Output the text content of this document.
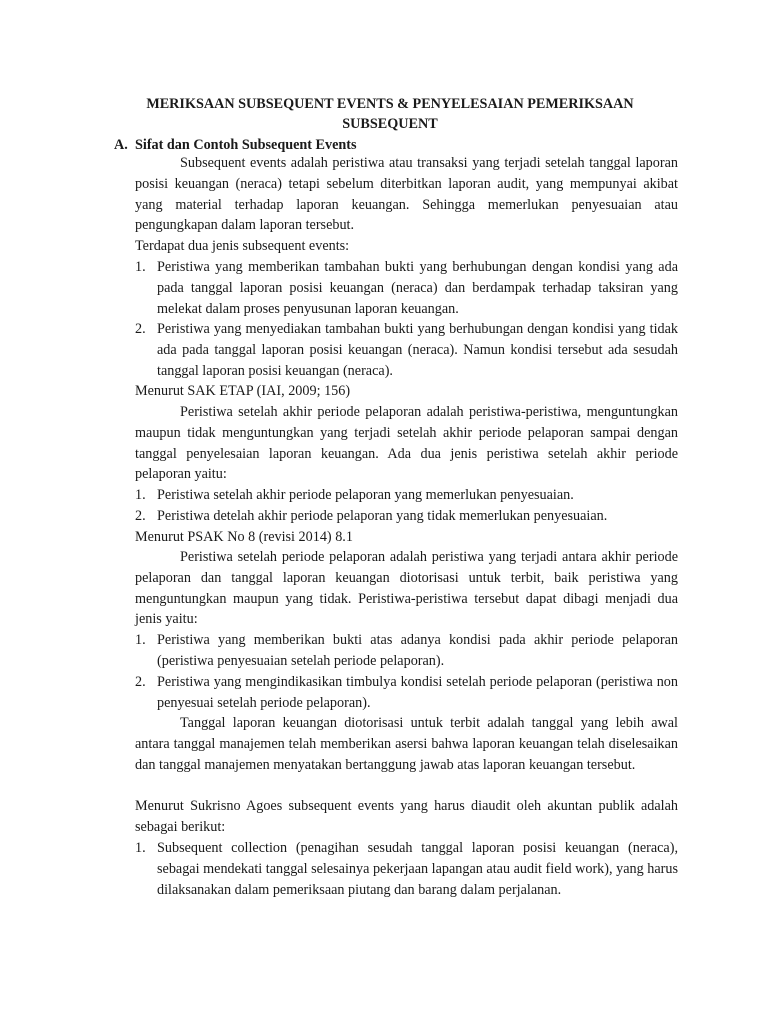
MERIKSAAN SUBSEQUENT EVENTS & PENYELESAIAN PEMERIKSAAN SUBSEQUENT
A. Sifat dan Contoh Subsequent Events
Subsequent events adalah peristiwa atau transaksi yang terjadi setelah tanggal laporan posisi keuangan (neraca) tetapi sebelum diterbitkan laporan audit, yang mempunyai akibat yang material terhadap laporan keuangan. Sehingga memerlukan penyesuaian atau pengungkapan dalam laporan tersebut.
Terdapat dua jenis subsequent events:
1. Peristiwa yang memberikan tambahan bukti yang berhubungan dengan kondisi yang ada pada tanggal laporan posisi keuangan (neraca) dan berdampak terhadap taksiran yang melekat dalam proses penyusunan laporan keuangan.
2. Peristiwa yang menyediakan tambahan bukti yang berhubungan dengan kondisi yang tidak ada pada tanggal laporan posisi keuangan (neraca). Namun kondisi tersebut ada sesudah tanggal laporan posisi keuangan (neraca).
Menurut SAK ETAP (IAI, 2009; 156)
Peristiwa setelah akhir periode pelaporan adalah peristiwa-peristiwa, menguntungkan maupun tidak menguntungkan yang terjadi setelah akhir periode pelaporan sampai dengan tanggal penyelesaian laporan keuangan. Ada dua jenis peristiwa setelah akhir periode pelaporan yaitu:
1. Peristiwa setelah akhir periode pelaporan yang memerlukan penyesuaian.
2. Peristiwa detelah akhir periode pelaporan yang tidak memerlukan penyesuaian.
Menurut PSAK No 8 (revisi 2014) 8.1
Peristiwa setelah periode pelaporan adalah peristiwa yang terjadi antara akhir periode pelaporan dan tanggal laporan keuangan diotorisasi untuk terbit, baik peristiwa yang menguntungkan maupun yang tidak. Peristiwa-peristiwa tersebut dapat dibagi menjadi dua jenis yaitu:
1. Peristiwa yang memberikan bukti atas adanya kondisi pada akhir periode pelaporan (peristiwa penyesuaian setelah periode pelaporan).
2. Peristiwa yang mengindikasikan timbulya kondisi setelah periode pelaporan (peristiwa non penyesuai setelah periode pelaporan).
Tanggal laporan keuangan diotorisasi untuk terbit adalah tanggal yang lebih awal antara tanggal manajemen telah memberikan asersi bahwa laporan keuangan telah diselesaikan dan tanggal manajemen menyatakan bertanggung jawab atas laporan keuangan tersebut.
Menurut Sukrisno Agoes subsequent events yang harus diaudit oleh akuntan publik adalah sebagai berikut:
1. Subsequent collection (penagihan sesudah tanggal laporan posisi keuangan (neraca), sebagai mendekati tanggal selesainya pekerjaan lapangan atau audit field work), yang harus dilaksanakan dalam pemeriksaan piutang dan barang dalam perjalanan.
